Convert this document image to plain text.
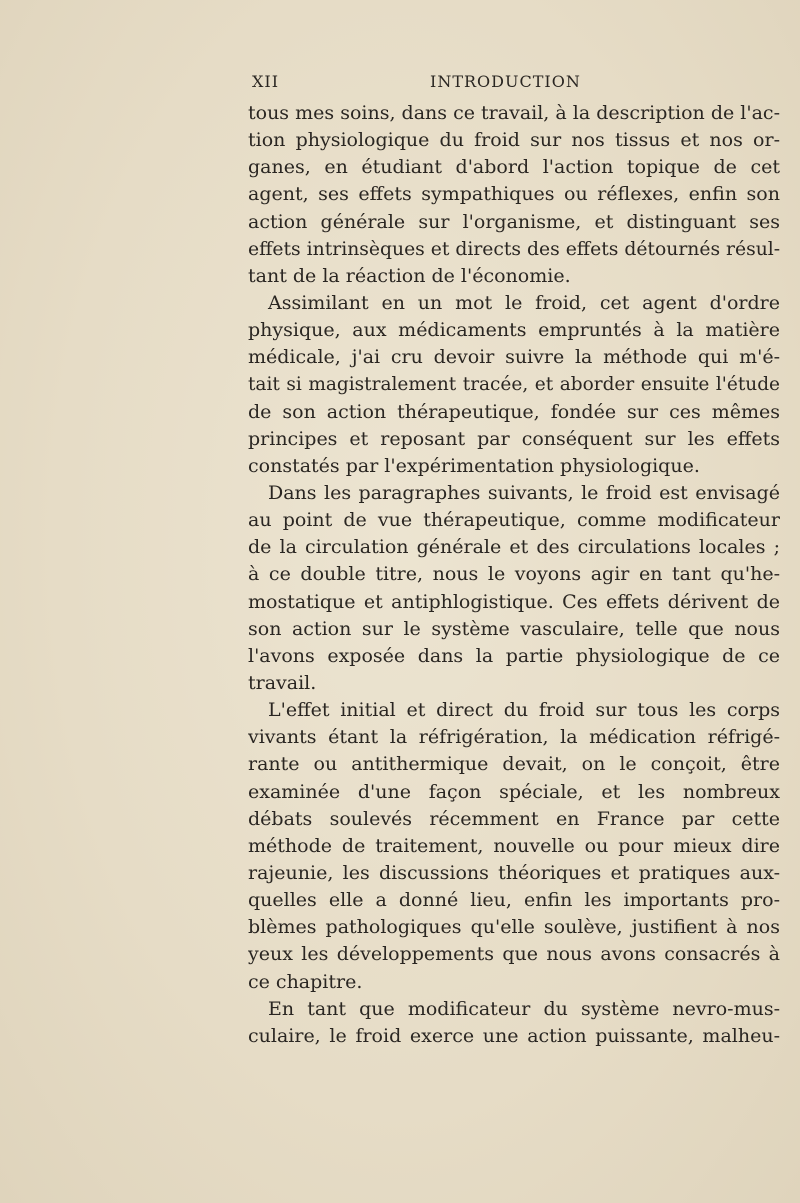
XII	INTRODUCTION
tous mes soins, dans ce travail, à la description de l'ac-
tion physiologique du froid sur nos tissus et nos or-
ganes, en étudiant d'abord l'action topique de cet
agent, ses effets sympathiques ou réflexes, enfin son
action générale sur l'organisme, et distinguant ses
effets intrinsèques et directs des effets détournés résul-
tant de la réaction de l'économie.
Assimilant en un mot le froid, cet agent d'ordre
physique, aux médicaments empruntés à la matière
médicale, j'ai cru devoir suivre la méthode qui m'é-
tait si magistralement tracée, et aborder ensuite l'étude
de son action thérapeutique, fondée sur ces mêmes
principes et reposant par conséquent sur les effets
constatés par l'expérimentation physiologique.
Dans les paragraphes suivants, le froid est envisagé
au point de vue thérapeutique, comme modificateur
de la circulation générale et des circulations locales ;
à ce double titre, nous le voyons agir en tant qu'he-
mostatique et antiphlogistique. Ces effets dérivent de
son action sur le système vasculaire, telle que nous
l'avons exposée dans la partie physiologique de ce
travail.
L'effet initial et direct du froid sur tous les corps
vivants étant la réfrigération, la médication réfrigé-
rante ou antithermique devait, on le conçoit, être
examinée d'une façon spéciale, et les nombreux
débats soulevés récemment en France par cette
méthode de traitement, nouvelle ou pour mieux dire
rajeunie, les discussions théoriques et pratiques aux-
quelles elle a donné lieu, enfin les importants pro-
blèmes pathologiques qu'elle soulève, justifient à nos
yeux les développements que nous avons consacrés à
ce chapitre.
En tant que modificateur du système nevro-mus-
culaire, le froid exerce une action puissante, malheu-
